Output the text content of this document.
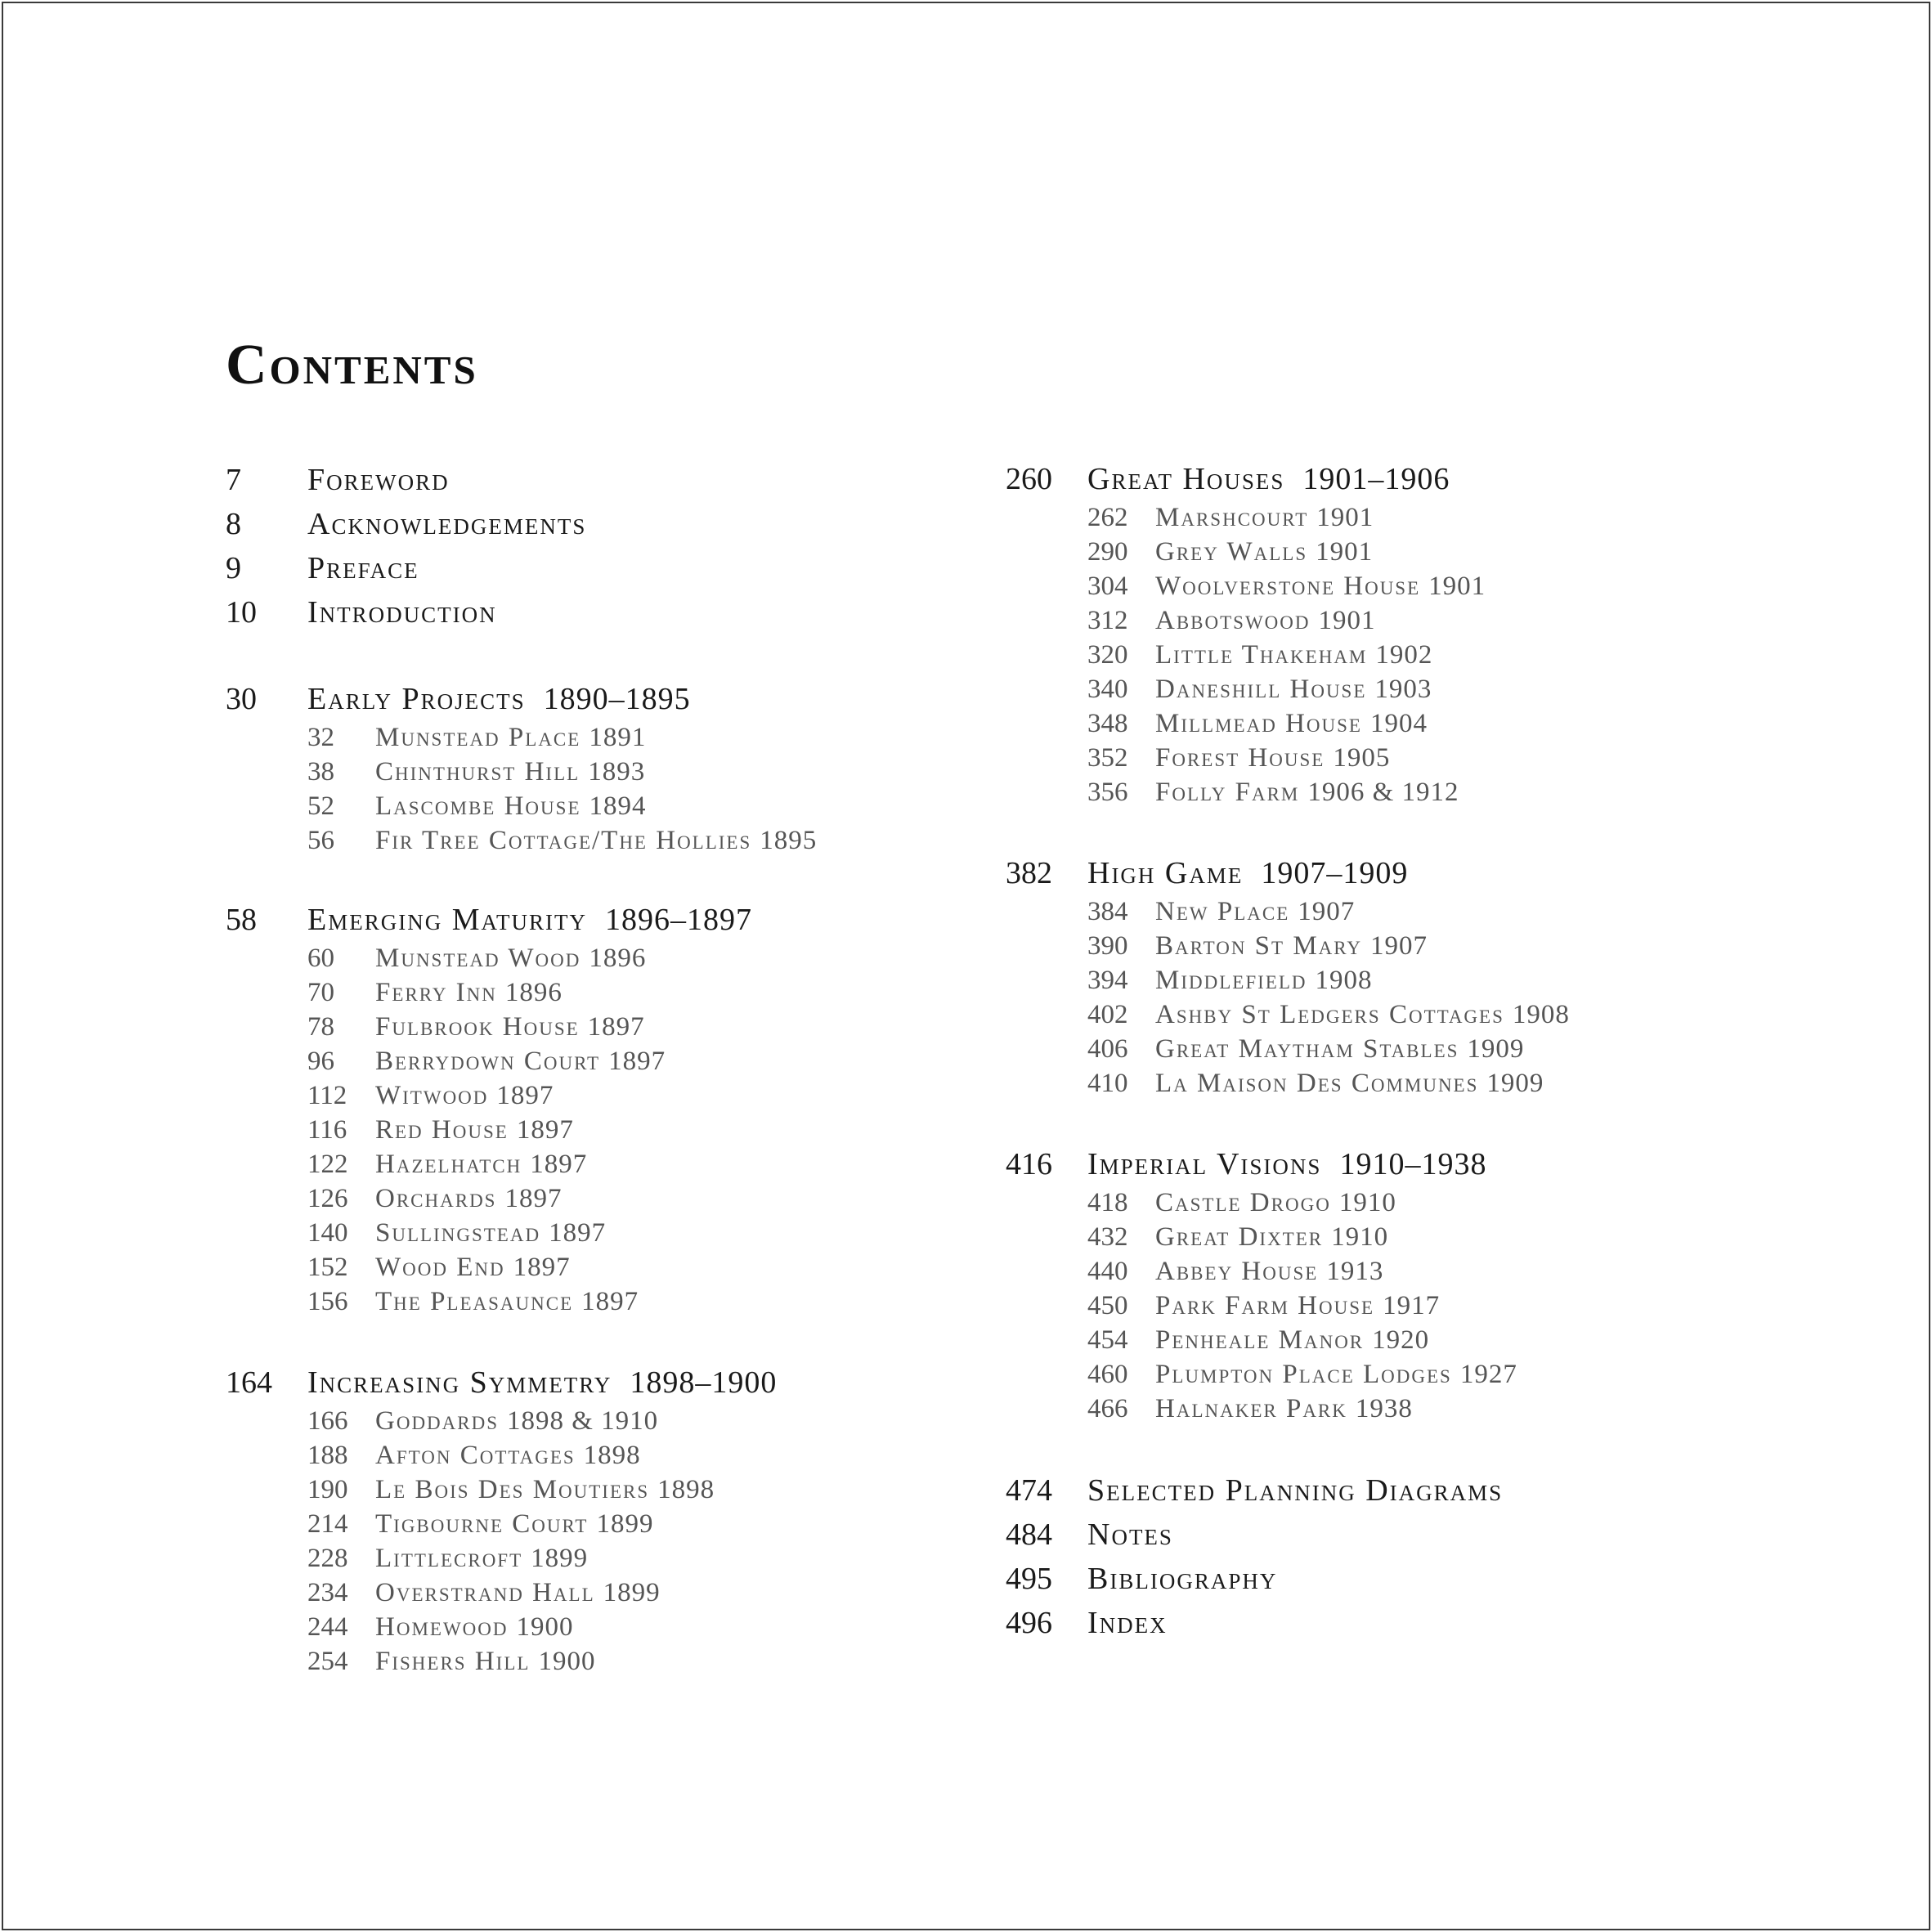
Contents
7	Foreword
8	Acknowledgements
9	Preface
10	Introduction
30	Early Projects 1890–1895
32	Munstead Place 1891
38	Chinthurst Hill 1893
52	Lascombe House 1894
56	Fir Tree Cottage/The Hollies 1895
58	Emerging Maturity 1896–1897
60	Munstead Wood 1896
70	Ferry Inn 1896
78	Fulbrook House 1897
96	Berrydown Court 1897
112	Witwood 1897
116	Red House 1897
122	Hazelhatch 1897
126	Orchards 1897
140	Sullingstead 1897
152	Wood End 1897
156	The Pleasaunce 1897
164	Increasing Symmetry 1898–1900
166	Goddards 1898 & 1910
188	Afton Cottages 1898
190	Le Bois Des Moutiers 1898
214	Tigbourne Court 1899
228	Littlecroft 1899
234	Overstrand Hall 1899
244	Homewood 1900
254	Fishers Hill 1900
260	Great Houses 1901–1906
262	Marshcourt 1901
290	Grey Walls 1901
304	Woolverstone House 1901
312	Abbotswood 1901
320	Little Thakeham 1902
340	Daneshill House 1903
348	Millmead House 1904
352	Forest House 1905
356	Folly Farm 1906 & 1912
382	High Game 1907–1909
384	New Place 1907
390	Barton St Mary 1907
394	Middlefield 1908
402	Ashby St Ledgers Cottages 1908
406	Great Maytham Stables 1909
410	La Maison Des Communes 1909
416	Imperial Visions 1910–1938
418	Castle Drogo 1910
432	Great Dixter 1910
440	Abbey House 1913
450	Park Farm House 1917
454	Penheale Manor 1920
460	Plumpton Place Lodges 1927
466	Halnaker Park 1938
474	Selected Planning Diagrams
484	Notes
495	Bibliography
496	Index
